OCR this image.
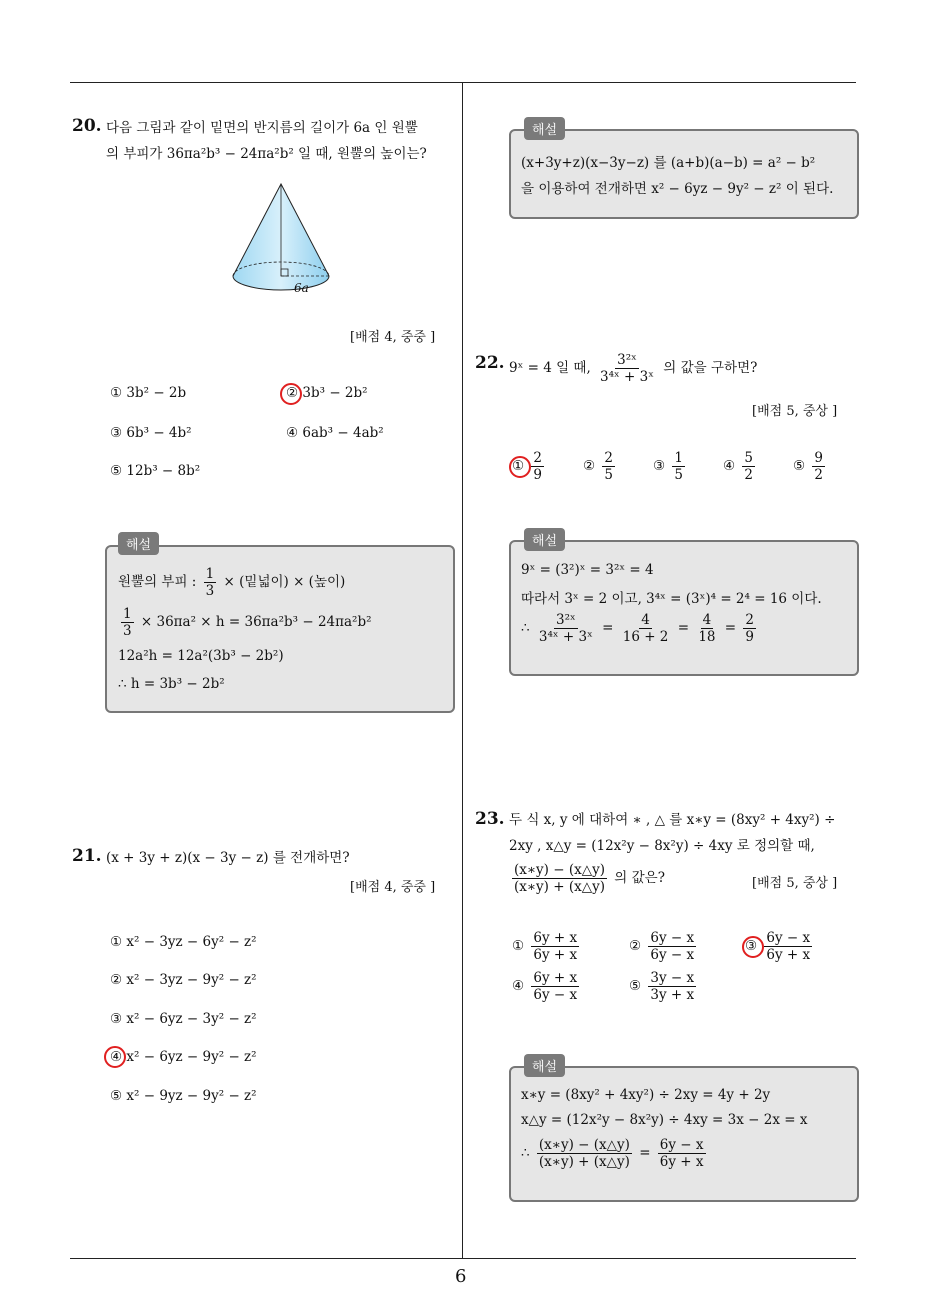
6
20. 다음 그림과 같이 밑면의 반지름의 길이가 6a 인 원뿔
의 부피가 36πa²b³ − 24πa²b² 일 때, 원뿔의 높이는?
6a
[배점 4, 중중 ]
① 3b² − 2b	② 3b³ − 2b²
③ 6b³ − 4b²	④ 6ab³ − 4ab²
⑤ 12b³ − 8b²
해설
원뿔의 부피 : $\frac{1}{3}$ × (밑넓이) × (높이)
$\frac{1}{3} \times 36\pi a^2 \times h = 36\pi a^2b^3 - 24\pi a^2b^2$
12a²h = 12a²(3b³ − 2b²)
∴ h = 3b³ − 2b²
21. (x + 3y + z)(x − 3y − z) 를 전개하면?
[배점 4, 중중 ]
① x² − 3yz − 6y² − z²
② x² − 3yz − 9y² − z²
③ x² − 6yz − 3y² − z²
④ x² − 6yz − 9y² − z²
⑤ x² − 9yz − 9y² − z²
해설
(x+3y+z)(x−3y−z) 를 (a+b)(a−b) = a² − b²
을 이용하여 전개하면 x² − 6yz − 9y² − z² 이 된다.
22. 9ˣ = 4 일 때, $\frac{\text{3²ˣ}}{\text{3⁴ˣ + 3ˣ}}$ 의 값을 구하면?
[배점 5, 중상 ]
① $\frac{2}{9}$	② $\frac{2}{5}$	③ $\frac{1}{5}$	④ $\frac{5}{2}$	⑤ $\frac{9}{2}$
해설
9ˣ = (3²)ˣ = 3²ˣ = 4
따라서 3ˣ = 2 이고, 3⁴ˣ = (3ˣ)⁴ = 2⁴ = 16 이다.
∴ $\frac{\text{3²ˣ}}{\text{3⁴ˣ + 3ˣ}} = \frac{4}{16 + 2} = \frac{4}{18} = \frac{2}{9}$
23. 두 식 x, y 에 대하여 ∗ , △ 를 x∗y = (8xy² + 4xy²) ÷
2xy , x△y = (12x²y − 8x²y) ÷ 4xy 로 정의할 때,
$\frac{(x∗y) - (x\triangle y)}{(x∗y) + (x\triangle y)}$ 의 값은?	[배점 5, 중상 ]
① $\frac{6y + x}{6y + x}$	② $\frac{6y - x}{6y - x}$	③ $\frac{6y - x}{6y + x}$
④ $\frac{6y + x}{6y - x}$	⑤ $\frac{3y - x}{3y + x}$
해설
x∗y = (8xy² + 4xy²) ÷ 2xy = 4y + 2y
x△y = (12x²y − 8x²y) ÷ 4xy = 3x − 2x = x
∴ $\frac{(x∗y) - (x\triangle y)}{(x∗y) + (x\triangle y)} = \frac{6y - x}{6y + x}$
